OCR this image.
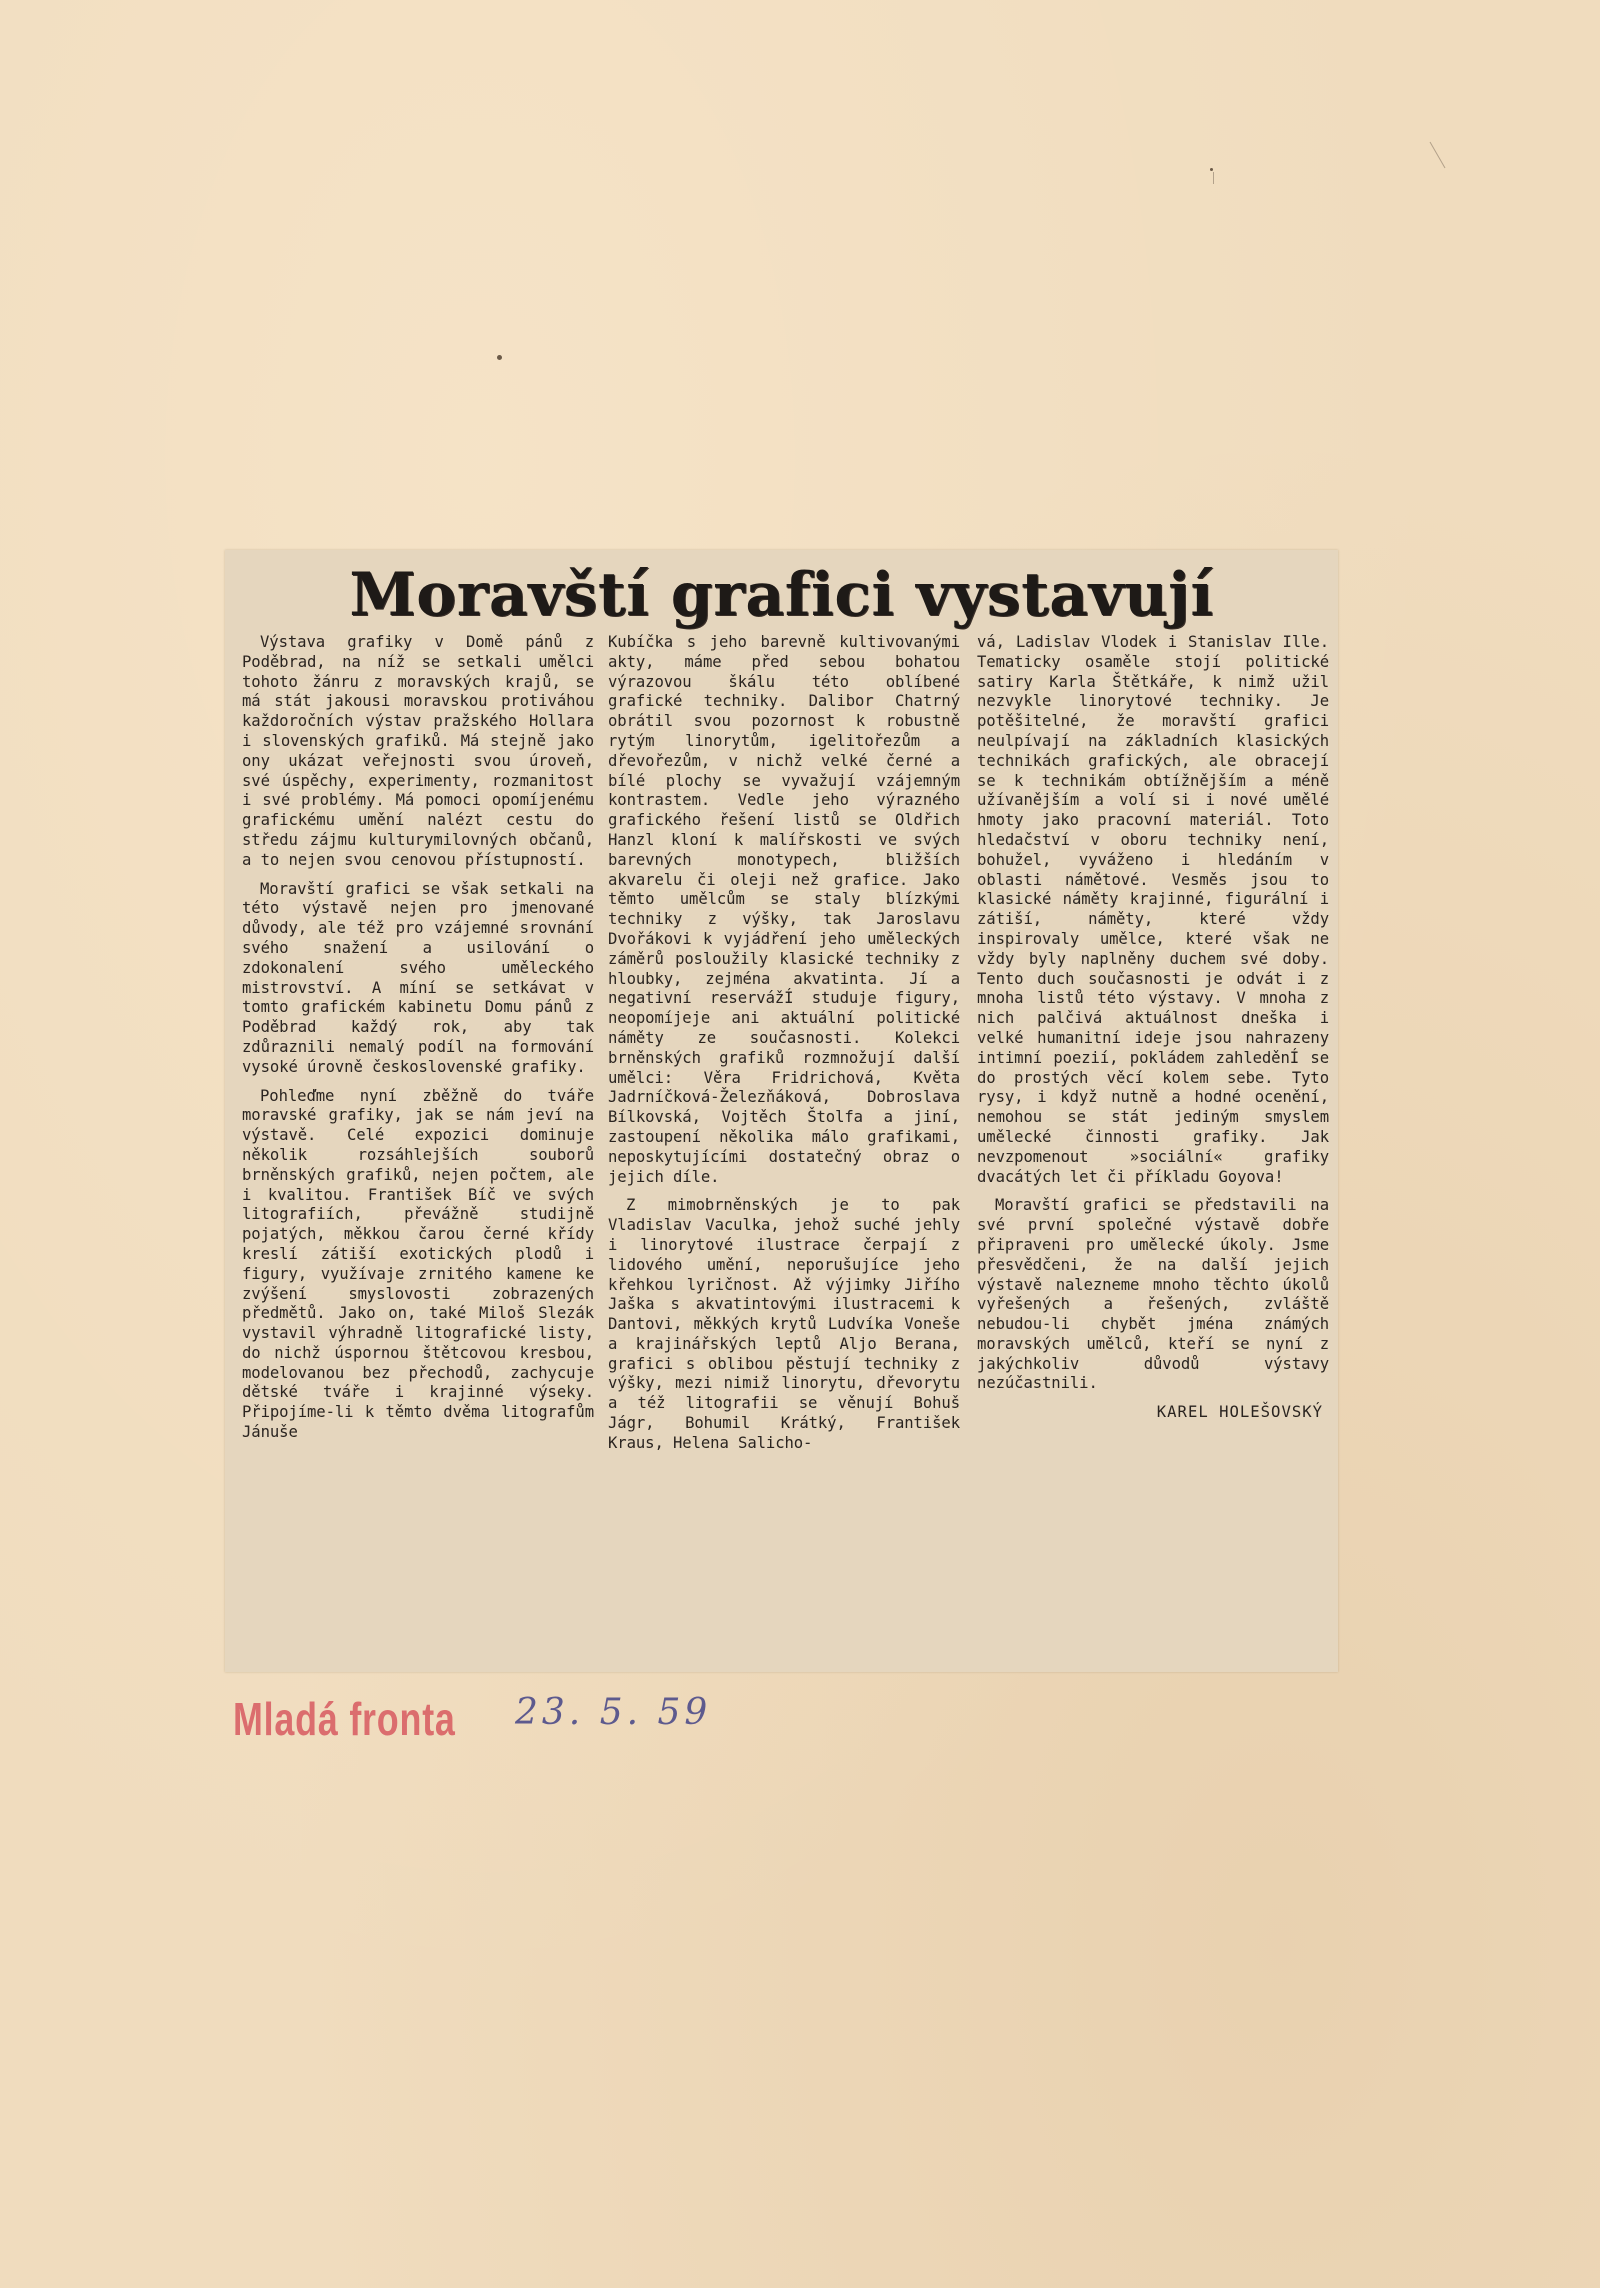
Moravští grafici vystavují

Výstava grafiky v Domě pánů z Poděbrad, na níž se setkali umělci tohoto žánru z moravských krajů, se má stát jakousi moravskou protiváhou každoročních výstav pražského Hollara i slovenských grafiků. Má stejně jako ony ukázat veřejnosti svou úroveň, své úspěchy, experimenty, rozmanitost i své problémy. Má pomoci opomíjenému grafickému umění nalézt cestu do středu zájmu kulturymilovných občanů, a to nejen svou cenovou přístupností.

Moravští grafici se však setkali na této výstavě nejen pro jmenované důvody, ale též pro vzájemné srovnání svého snažení a usilování o zdokonalení svého uměleckého mistrovství. A míní se setkávat v tomto grafickém kabinetu Domu pánů z Poděbrad každý rok, aby tak zdůraznili nemalý podíl na formování vysoké úrovně československé grafiky.

Pohleďme nyní zběžně do tváře moravské grafiky, jak se nám jeví na výstavě. Celé expozici dominuje několik rozsáhlejších souborů brněnských grafiků, nejen počtem, ale i kvalitou. František Bíč ve svých litografiích, převážně studijně pojatých, měkkou čarou černé křídy kreslí zátiší exotických plodů i figury, využívaje zrnitého kamene ke zvýšení smyslovosti zobrazených předmětů. Jako on, také Miloš Slezák vystavil výhradně litografické listy, do nichž úspornou štětcovou kresbou, modelovanou bez přechodů, zachycuje dětské tváře i krajinné výseky. Připojíme-li k těmto dvěma litografům Jánuše

Kubíčka s jeho barevně kultivovanými akty, máme před sebou bohatou výrazovou škálu této oblíbené grafické techniky. Dalibor Chatrný obrátil svou pozornost k robustně rytým linorytům, igelitořezům a dřevořezům, v nichž velké černé a bílé plochy se vyvažují vzájemným kontrastem. Vedle jeho výrazného grafického řešení listů se Oldřich Hanzl kloní k malířskosti ve svých barevných monotypech, bližších akvarelu či oleji než grafice. Jako těmto umělcům se staly blízkými techniky z výšky, tak Jaroslavu Dvořákovi k vyjádření jeho uměleckých záměrů posloužily klasické techniky z hloubky, zejména akvatinta. Jí a negativní reservážÍ studuje figury, neopomíjeje ani aktuální politické náměty ze současnosti. Kolekci brněnských grafiků rozmnožují další umělci: Věra Fridrichová, Květa Jadrníčková-Železňáková, Dobroslava Bílkovská, Vojtěch Štolfa a jiní, zastoupení několika málo grafikami, neposkytujícími dostatečný obraz o jejich díle.

Z mimobrněnských je to pak Vladislav Vaculka, jehož suché jehly i linorytové ilustrace čerpají z lidového umění, neporušujíce jeho křehkou lyričnost. Až výjimky Jiřího Jaška s akvatintovými ilustracemi k Dantovi, měkkých krytů Ludvíka Voneše a krajinářských leptů Aljo Berana, grafici s oblibou pěstují techniky z výšky, mezi nimiž linorytu, dřevorytu a též litografii se věnují Bohuš Jágr, Bohumil Krátký, František Kraus, Helena Salicho-

vá, Ladislav Vlodek i Stanislav Ille. Tematicky osaměle stojí politické satiry Karla Štětkáře, k nimž užil nezvykle linorytové techniky. Je potěšitelné, že moravští grafici neulpívají na základních klasických technikách grafických, ale obracejí se k technikám obtížnějším a méně užívanějším a volí si i nové umělé hmoty jako pracovní materiál. Toto hledačství v oboru techniky není, bohužel, vyváženo i hledáním v oblasti námětové. Vesměs jsou to klasické náměty krajinné, figurální i zátiší, náměty, které vždy inspirovaly umělce, které však ne vždy byly naplněny duchem své doby. Tento duch současnosti je odvát i z mnoha listů této výstavy. V mnoha z nich palčivá aktuálnost dneška i velké humanitní ideje jsou nahrazeny intimní poezií, pokládem zahleděnÍ se do prostých věcí kolem sebe. Tyto rysy, i když nutně a hodné ocenění, nemohou se stát jediným smyslem umělecké činnosti grafiky. Jak nevzpomenout »sociální« grafiky dvacátých let či příkladu Goyova!

Moravští grafici se představili na své první společné výstavě dobře připraveni pro umělecké úkoly. Jsme přesvědčeni, že na další jejich výstavě nalezneme mnoho těchto úkolů vyřešených a řešených, zvláště nebudou-li chybět jména známých moravských umělců, kteří se nyní z jakýchkoliv důvodů výstavy nezúčastnili.

KAREL HOLEŠOVSKÝ
Mladá fronta 23. 5. 59
